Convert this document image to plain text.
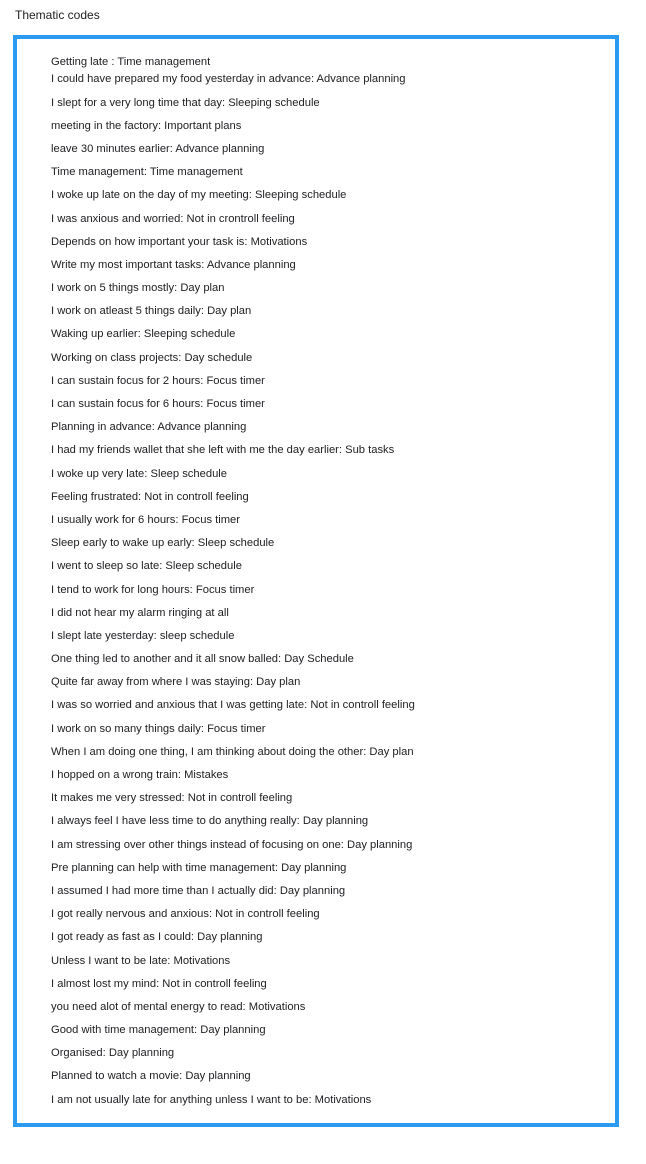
Thematic codes
Getting late : Time management
I could have prepared my food yesterday in advance: Advance planning
I slept for a very long time that day: Sleeping schedule
meeting in the factory: Important plans
leave 30 minutes earlier: Advance planning
Time management: Time management
I woke up late on the day of my meeting: Sleeping schedule
I was anxious and worried: Not in crontroll feeling
Depends on how important your task is: Motivations
Write my most important tasks: Advance planning
I work on 5 things mostly: Day plan
I work on atleast 5 things daily: Day plan
Waking up earlier: Sleeping schedule
Working on class projects: Day schedule
I can sustain focus for 2 hours: Focus timer
I can sustain focus for 6 hours: Focus timer
Planning in advance: Advance planning
I had my friends wallet that she left with me the day earlier: Sub tasks
I woke up very late: Sleep schedule
Feeling frustrated: Not in controll feeling
I usually work for 6 hours: Focus timer
Sleep early to wake up early: Sleep schedule
I went to sleep so late: Sleep schedule
I tend to work for long hours: Focus timer
I did not hear my alarm ringing at all
I slept late yesterday: sleep schedule
One thing led to another and it all snow balled: Day Schedule
Quite far away from where I was staying: Day plan
I was so worried and anxious that I was getting late: Not in controll feeling
I work on so many things daily: Focus timer
When I am doing one thing, I am thinking about doing the other: Day plan
I hopped on a wrong train: Mistakes
It makes me very stressed: Not in controll feeling
I always feel I have less time to do anything really: Day planning
I am stressing over other things instead of focusing on one: Day planning
Pre planning can help with time management: Day planning
I assumed I had more time than I actually did: Day planning
I got really nervous and anxious: Not in controll feeling
I got ready as fast as I could: Day planning
Unless I want to be late: Motivations
I almost lost my mind: Not in controll feeling
you need alot of mental energy to read: Motivations
Good with time management: Day planning
Organised: Day planning
Planned to watch a movie: Day planning
I am not usually late for anything unless I want to be: Motivations
